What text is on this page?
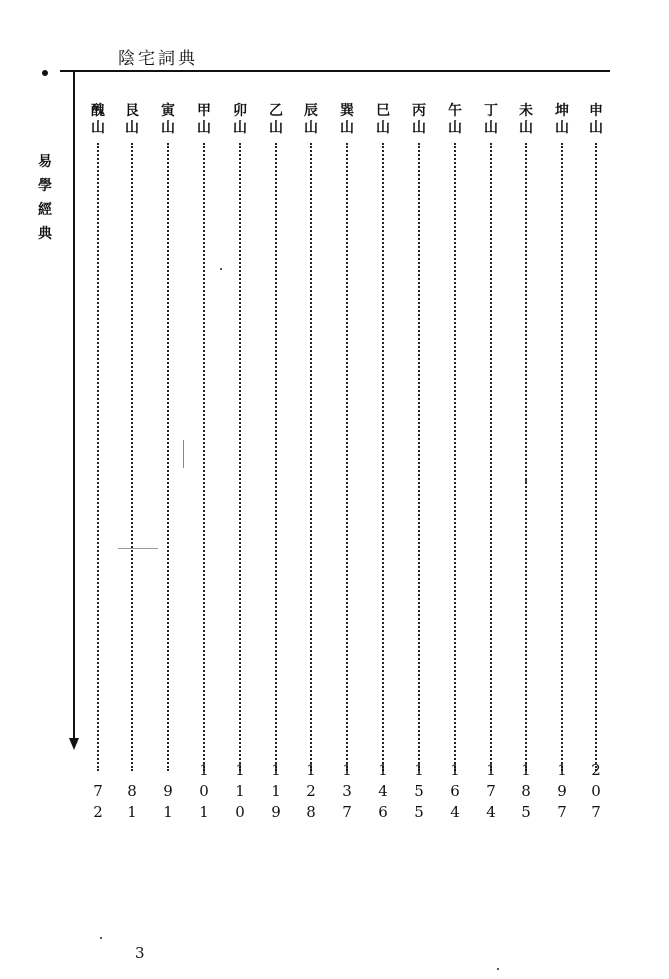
陰宅詞典
易
學
經
典
醜
山

7
2
艮
山

8
1
寅
山

9
1
甲
山
1
0
1
卯
山
1
1
0
乙
山
1
1
9
辰
山
1
2
8
巽
山
1
3
7
巳
山
1
4
6
丙
山
1
5
5
午
山
1
6
4
丁
山
1
7
4
未
山
1
8
5
坤
山
1
9
7
申
山
2
0
7
3
